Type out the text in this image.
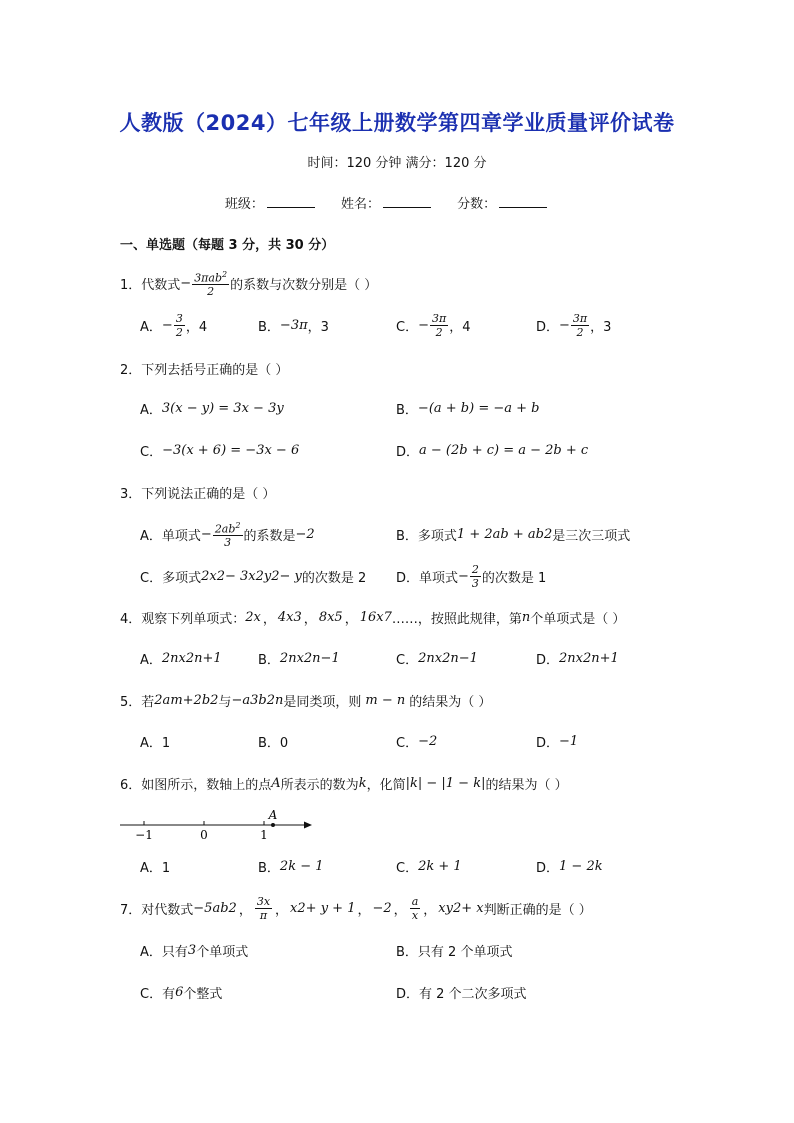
人教版（2024）七年级上册数学第四章学业质量评价试卷
时间：120 分钟 满分：120 分
班级：	姓名：	分数：
一、单选题（每题 3 分，共 30 分）
1．代数式 − $\frac{3\pi ab^2}{2}$ 的系数与次数分别是（ ）
A． − $\frac{3}{2}$ ，4	B． −3π ，3	C． − $\frac{3\pi}{2}$ ，4	D． − $\frac{3\pi}{2}$ ，3
2．下列去括号正确的是（ ）
A． 3(x − y) = 3x − 3y	B． −(a + b) = −a + b
C． −3(x + 6) = −3x − 6	D． a − (2b + c) = a − 2b + c
3．下列说法正确的是（ ）
A．单项式 − $\frac{2ab^2}{3}$ 的系数是 −2	B．多项式 1 + 2ab + ab 2 是三次三项式
C．多项式 2x 2 − 3x 2 y 2 − y 的次数是 2 D．单项式 − $\frac{2}{3}$ 的次数是 1
4．观察下列单项式： 2x ， 4x 3 ， 8x 5 ， 16x 7 ……，按照此规律，第 n 个单项式是（ ）
A． 2nx 2n+1	B． 2nx 2n−1	C． 2 n x 2n−1	D． 2 n x 2n+1
5．若 2a m+2 b 2 与 −a 3 b 2n 是同类项，则 m − n 的结果为（ ）
A．1	B．0	C． −2	D． −1
6．如图所示，数轴上的点 A 所表示的数为 k ，化简 |k| − |1 − k| 的结果为（ ）
−1	0	1
A
A．1	B． 2k − 1	C． 2k + 1	D． 1 − 2k
7．对代数式 −5ab 2 ， $\frac{3x}{\pi}$ ， x 2 + y + 1 ， −2 ， $\frac{a}{x}$ ， xy 2 + x 判断正确的是（ ）
A．只有 3 个单项式	B．只有 2 个单项式
C．有 6 个整式	D．有 2 个二次多项式
